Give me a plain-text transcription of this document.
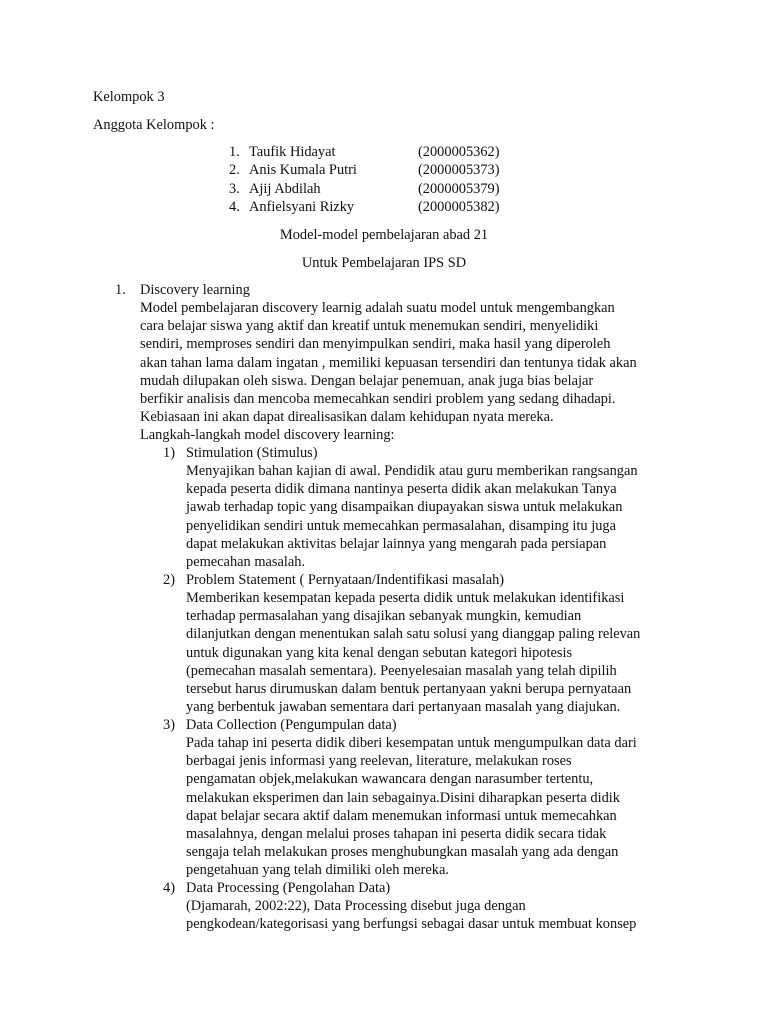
Kelompok 3
Anggota Kelompok :
1. Taufik Hidayat	(2000005362)
2. Anis Kumala Putri	(2000005373)
3. Ajij Abdilah	(2000005379)
4. Anfielsyani Rizky	(2000005382)
Model-model pembelajaran abad 21
Untuk Pembelajaran IPS SD
1. Discovery learning
Model pembelajaran discovery learnig adalah suatu model untuk mengembangkan
cara belajar siswa yang aktif dan kreatif untuk menemukan sendiri, menyelidiki
sendiri, memproses sendiri dan menyimpulkan sendiri, maka hasil yang diperoleh
akan tahan lama dalam ingatan , memiliki kepuasan tersendiri dan tentunya tidak akan
mudah dilupakan oleh siswa. Dengan belajar penemuan, anak juga bias belajar
berfikir analisis dan mencoba memecahkan sendiri problem yang sedang dihadapi.
Kebiasaan ini akan dapat direalisasikan dalam kehidupan nyata mereka.
Langkah-langkah model discovery learning:
1) Stimulation (Stimulus)
Menyajikan bahan kajian di awal. Pendidik atau guru memberikan rangsangan
kepada peserta didik dimana nantinya peserta didik akan melakukan Tanya
jawab terhadap topic yang disampaikan diupayakan siswa untuk melakukan
penyelidikan sendiri untuk memecahkan permasalahan, disamping itu juga
dapat melakukan aktivitas belajar lainnya yang mengarah pada persiapan
pemecahan masalah.
2) Problem Statement ( Pernyataan/Indentifikasi masalah)
Memberikan kesempatan kepada peserta didik untuk melakukan identifikasi
terhadap permasalahan yang disajikan sebanyak mungkin, kemudian
dilanjutkan dengan menentukan salah satu solusi yang dianggap paling relevan
untuk digunakan yang kita kenal dengan sebutan kategori hipotesis
(pemecahan masalah sementara). Peenyelesaian masalah yang telah dipilih
tersebut harus dirumuskan dalam bentuk pertanyaan yakni berupa pernyataan
yang berbentuk jawaban sementara dari pertanyaan masalah yang diajukan.
3) Data Collection (Pengumpulan data)
Pada tahap ini peserta didik diberi kesempatan untuk mengumpulkan data dari
berbagai jenis informasi yang reelevan, literature, melakukan roses
pengamatan objek,melakukan wawancara dengan narasumber tertentu,
melakukan eksperimen dan lain sebagainya.Disini diharapkan peserta didik
dapat belajar secara aktif dalam menemukan informasi untuk memecahkan
masalahnya, dengan melalui proses tahapan ini peserta didik secara tidak
sengaja telah melakukan proses menghubungkan masalah yang ada dengan
pengetahuan yang telah dimiliki oleh mereka.
4) Data Processing (Pengolahan Data)
(Djamarah, 2002:22), Data Processing disebut juga dengan
pengkodean/kategorisasi yang berfungsi sebagai dasar untuk membuat konsep
